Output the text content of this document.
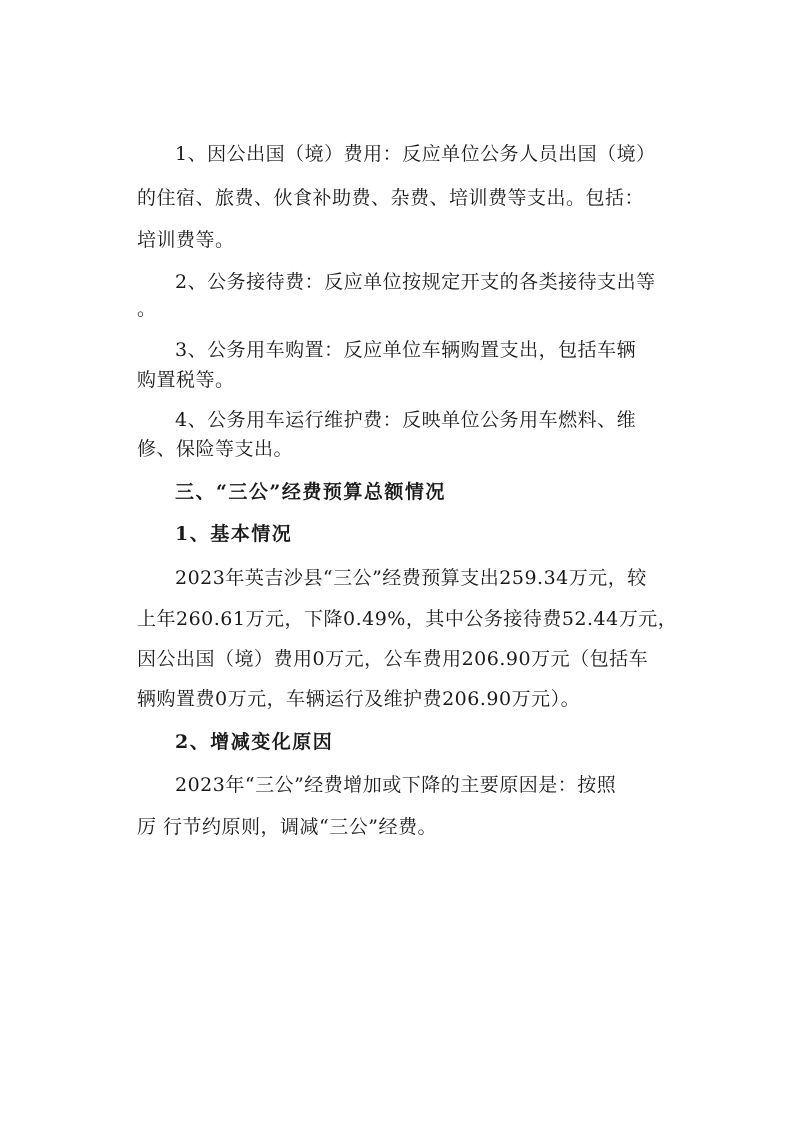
1、因公出国（境）费用：反应单位公务人员出国（境）
的住宿、旅费、伙食补助费、杂费、培训费等支出。包括：
培训费等。
2、公务接待费：反应单位按规定开支的各类接待支出等
。
3、公务用车购置：反应单位车辆购置支出，包括车辆
购置税等。
4、公务用车运行维护费：反映单位公务用车燃料、维
修、保险等支出。
三、“三公”经费预算总额情况
1、基本情况
2023年英吉沙县“三公”经费预算支出259.34万元，较
上年260.61万元，下降0.49%，其中公务接待费52.44万元，
因公出国（境）费用0万元，公车费用206.90万元（包括车
辆购置费0万元，车辆运行及维护费206.90万元）。
2、增减变化原因
2023年“三公”经费增加或下降的主要原因是：按照
厉 行节约原则，调减“三公”经费。
